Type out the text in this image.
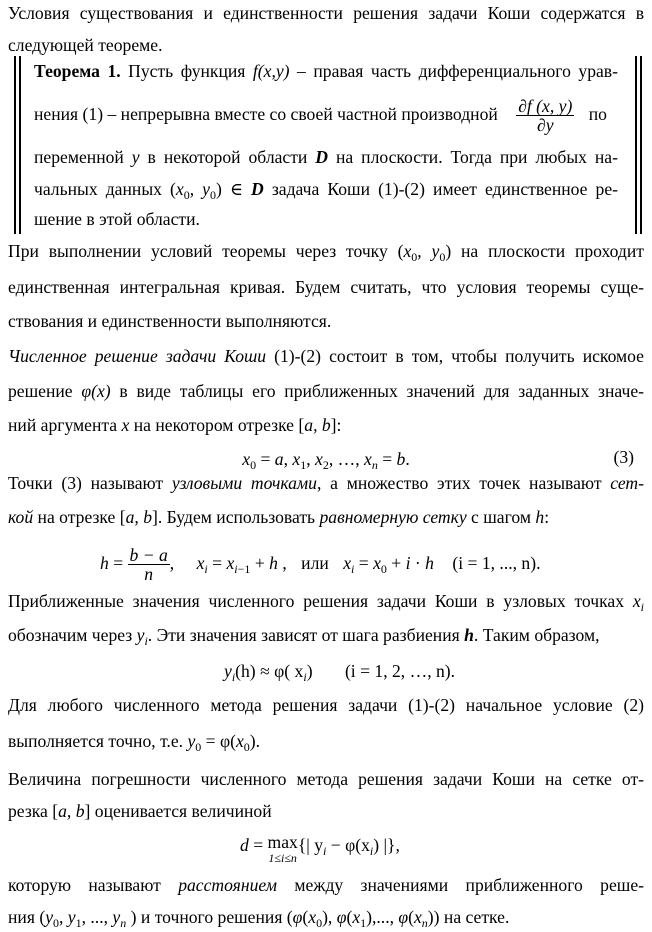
Условия существования и единственности решения задачи Коши содержатся в
следующей теореме.
Теорема 1. Пусть функция f(x,y) – правая часть дифференциального урав-
нения (1) – непрерывна вместе со своей частной производной $\frac{\partial f (x, y)}{\partial y}$ по
переменной y в некоторой области D на плоскости. Тогда при любых на-
чальных данных ($x_0$, $y_0$) ∈ D задача Коши (1)-(2) имеет единственное ре-
шение в этой области.
При выполнении условий теоремы через точку ($x_0$, $y_0$) на плоскости проходит
единственная интегральная кривая. Будем считать, что условия теоремы суще-
ствования и единственности выполняются.
Численное решение задачи Коши (1)-(2) состоит в том, чтобы получить искомое
решение φ(x) в виде таблицы его приближенных значений для заданных значе-
ний аргумента x на некотором отрезке [a, b]:
$x_0 = a$, $x_1$, $x_2$, …, $x_n = b$.	(3)
Точки (3) называют узловыми точками, а множество этих точек называют сет-
кой на отрезке [a, b]. Будем использовать равномерную сетку с шагом h:
$h = \frac{b - a}{n}$ , $x_i = x_{i-1} + h$ , или $x_i = x_0 + i \cdot h$ (i = 1, ..., n).
Приближенные значения численного решения задачи Коши в узловых точках $x_i$
обозначим через $y_i$. Эти значения зависят от шага разбиения h. Таким образом,
$y_i(h) \approx \varphi$( $x_i$) (i = 1, 2, …, n).
Для любого численного метода решения задачи (1)-(2) начальное условие (2)
выполняется точно, т.е. $y_0 = \varphi(x_0)$.
Величина погрешности численного метода решения задачи Коши на сетке от-
резка [a, b] оценивается величиной
d = max
1≤i≤n
{| $y_i - \varphi(x_i)$ |},
которую называют расстоянием между значениями приближенного реше-
ния ($y_0$, $y_1$, ..., $y_n$ ) и точного решения ($\varphi(x_0)$, $\varphi(x_1)$,..., $\varphi(x_n)$) на сетке.
